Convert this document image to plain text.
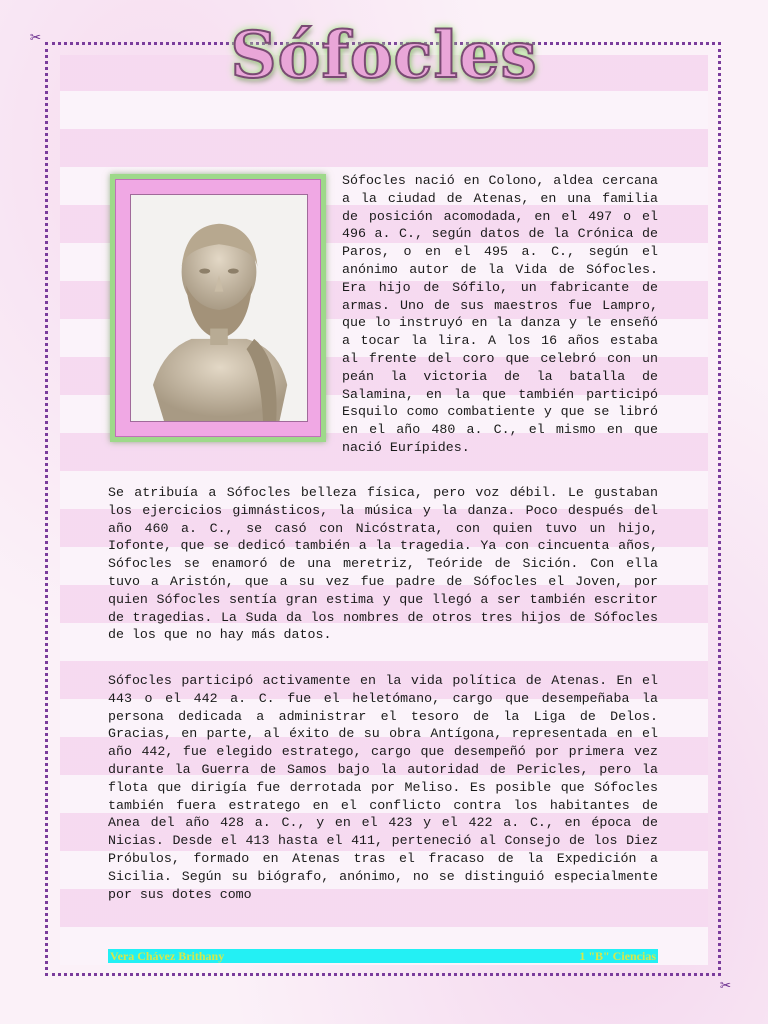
✂
✂
Sófocles

Sófocles nació en Colono, aldea cercana a la ciudad de Atenas, en una familia de posición acomodada, en el 497 o el 496 a. C., según datos de la Crónica de Paros, o en el 495 a. C., según el anónimo autor de la Vida de Sófocles. Era hijo de Sófilo, un fabricante de armas. Uno de sus maestros fue Lampro, que lo instruyó en la danza y le enseñó a tocar la lira. A los 16 años estaba al frente del coro que celebró con un peán la victoria de la batalla de Salamina, en la que también participó Esquilo como combatiente y que se libró en el año 480 a. C., el mismo en que nació Eurípides.

Se atribuía a Sófocles belleza física, pero voz débil. Le gustaban los ejercicios gimnásticos, la música y la danza. Poco después del año 460 a. C., se casó con Nicóstrata, con quien tuvo un hijo, Iofonte, que se dedicó también a la tragedia. Ya con cincuenta años, Sófocles se enamoró de una meretriz, Teóride de Sición. Con ella tuvo a Aristón, que a su vez fue padre de Sófocles el Joven, por quien Sófocles sentía gran estima y que llegó a ser también escritor de tragedias. La Suda da los nombres de otros tres hijos de Sófocles de los que no hay más datos.

Sófocles participó activamente en la vida política de Atenas. En el 443 o el 442 a. C. fue el heletómano, cargo que desempeñaba la persona dedicada a administrar el tesoro de la Liga de Delos. Gracias, en parte, al éxito de su obra Antígona, representada en el año 442, fue elegido estratego, cargo que desempeñó por primera vez durante la Guerra de Samos bajo la autoridad de Pericles, pero la flota que dirigía fue derrotada por Meliso. Es posible que Sófocles también fuera estratego en el conflicto contra los habitantes de Anea del año 428 a. C., y en el 423 y el 422 a. C., en época de Nicias. Desde el 413 hasta el 411, perteneció al Consejo de los Diez Próbulos, formado en Atenas tras el fracaso de la Expedición a Sicilia. Según su biógrafo, anónimo, no se distinguió especialmente por sus dotes como

Vera Chávez Brithany	1 "B" Ciencias
